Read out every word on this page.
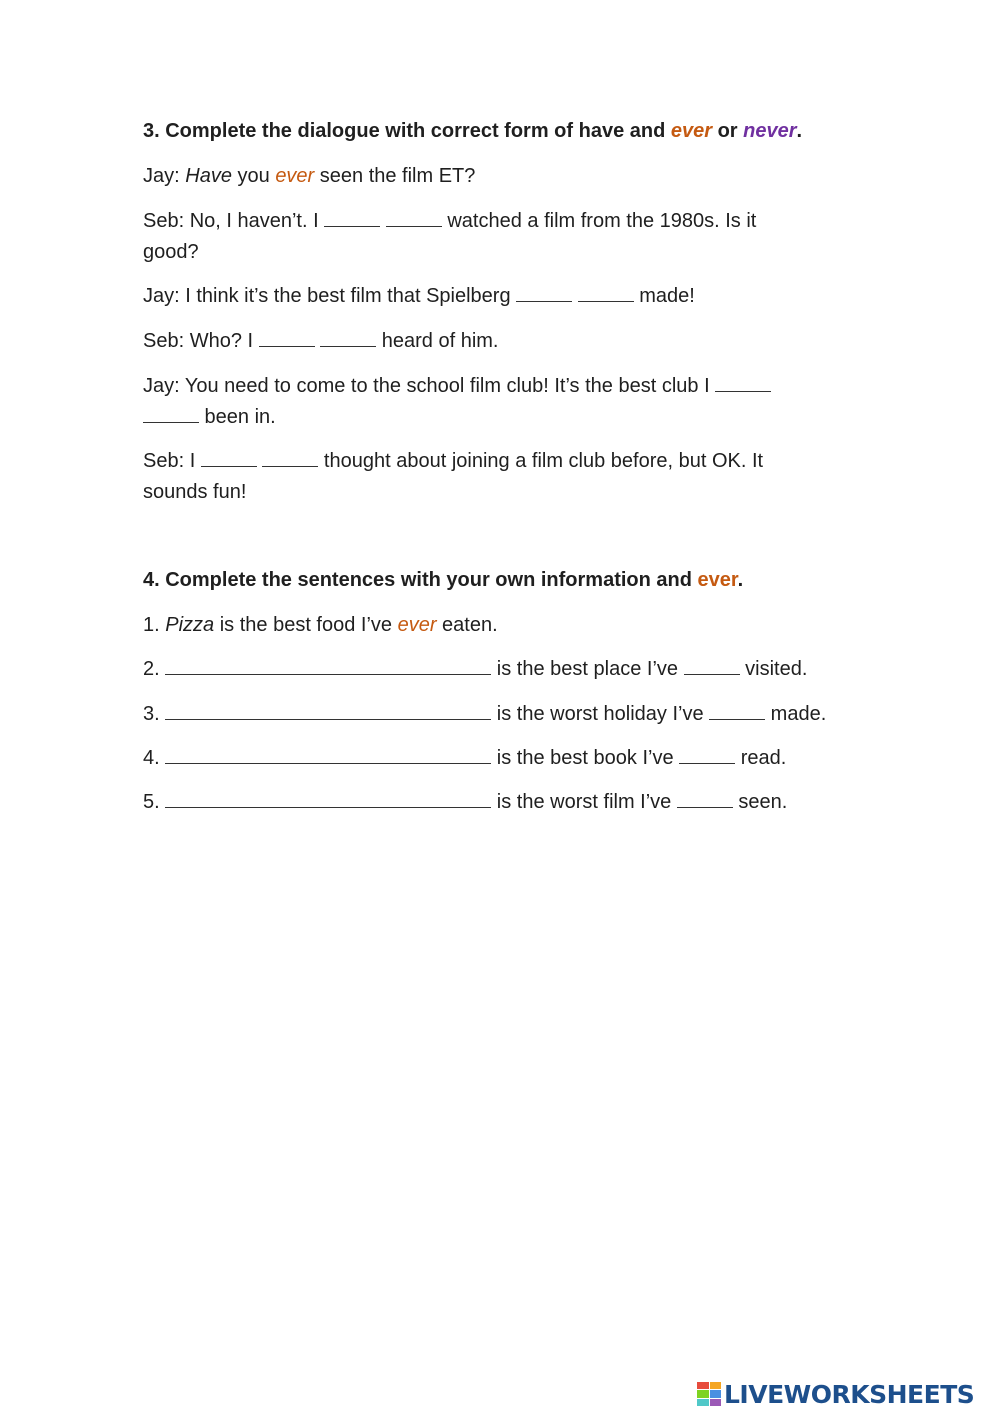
3. Complete the dialogue with correct form of have and ever or never.
Jay: Have you ever seen the film ET?
Seb: No, I haven’t. I	watched a film from the 1980s. Is it
good?
Jay: I think it’s the best film that Spielberg	made!
Seb: Who? I	heard of him.
Jay: You need to come to the school film club! It’s the best club I
been in.
Seb: I	thought about joining a film club before, but OK. It
sounds fun!
4. Complete the sentences with your own information and ever.
1. Pizza is the best food I’ve ever eaten.
2.	is the best place I’ve	visited.
3.	is the worst holiday I’ve	made.
4.	is the best book I’ve	read.
5.	is the worst film I’ve	seen.
LIVEWORKSHEETS
